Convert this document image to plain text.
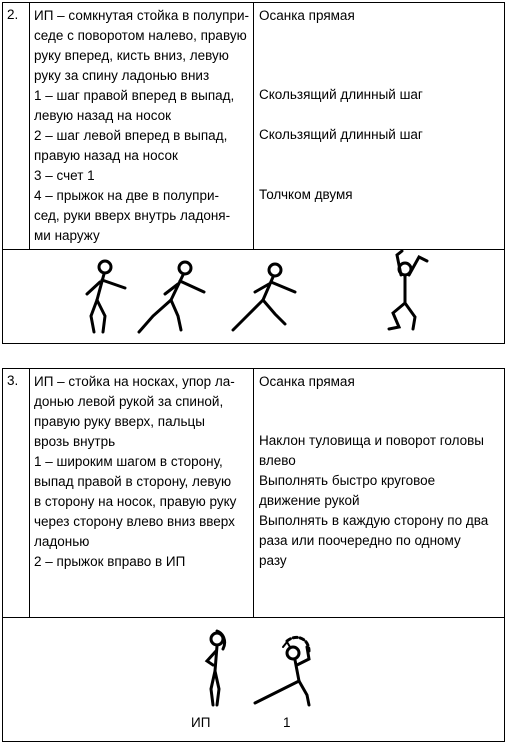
2. ИП – сомкнутая стойка в полупри-
седе с поворотом налево, правую
руку вперед, кисть вниз, левую
руку за спину ладонью вниз
1 – шаг правой вперед в выпад,
левую назад на носок
2 – шаг левой вперед в выпад,
правую назад на носок
3 – счет 1
4 – прыжок на две в полупри-
сед, руки вверх внутрь ладоня-
ми наружу
Осанка прямая
Скользящий длинный шаг
Скользящий длинный шаг
Толчком двумя
3. ИП – стойка на носках, упор ла-
донью левой рукой за спиной,
правую руку вверх, пальцы
врозь внутрь
1 – широким шагом в сторону,
выпад правой в сторону, левую
в сторону на носок, правую руку
через сторону влево вниз вверх
ладонью
2 – прыжок вправо в ИП
Осанка прямая
Наклон туловища и поворот головы
влево
Выполнять быстро круговое
движение рукой
Выполнять в каждую сторону по два
раза или поочередно по одному
разу
ИП	1
